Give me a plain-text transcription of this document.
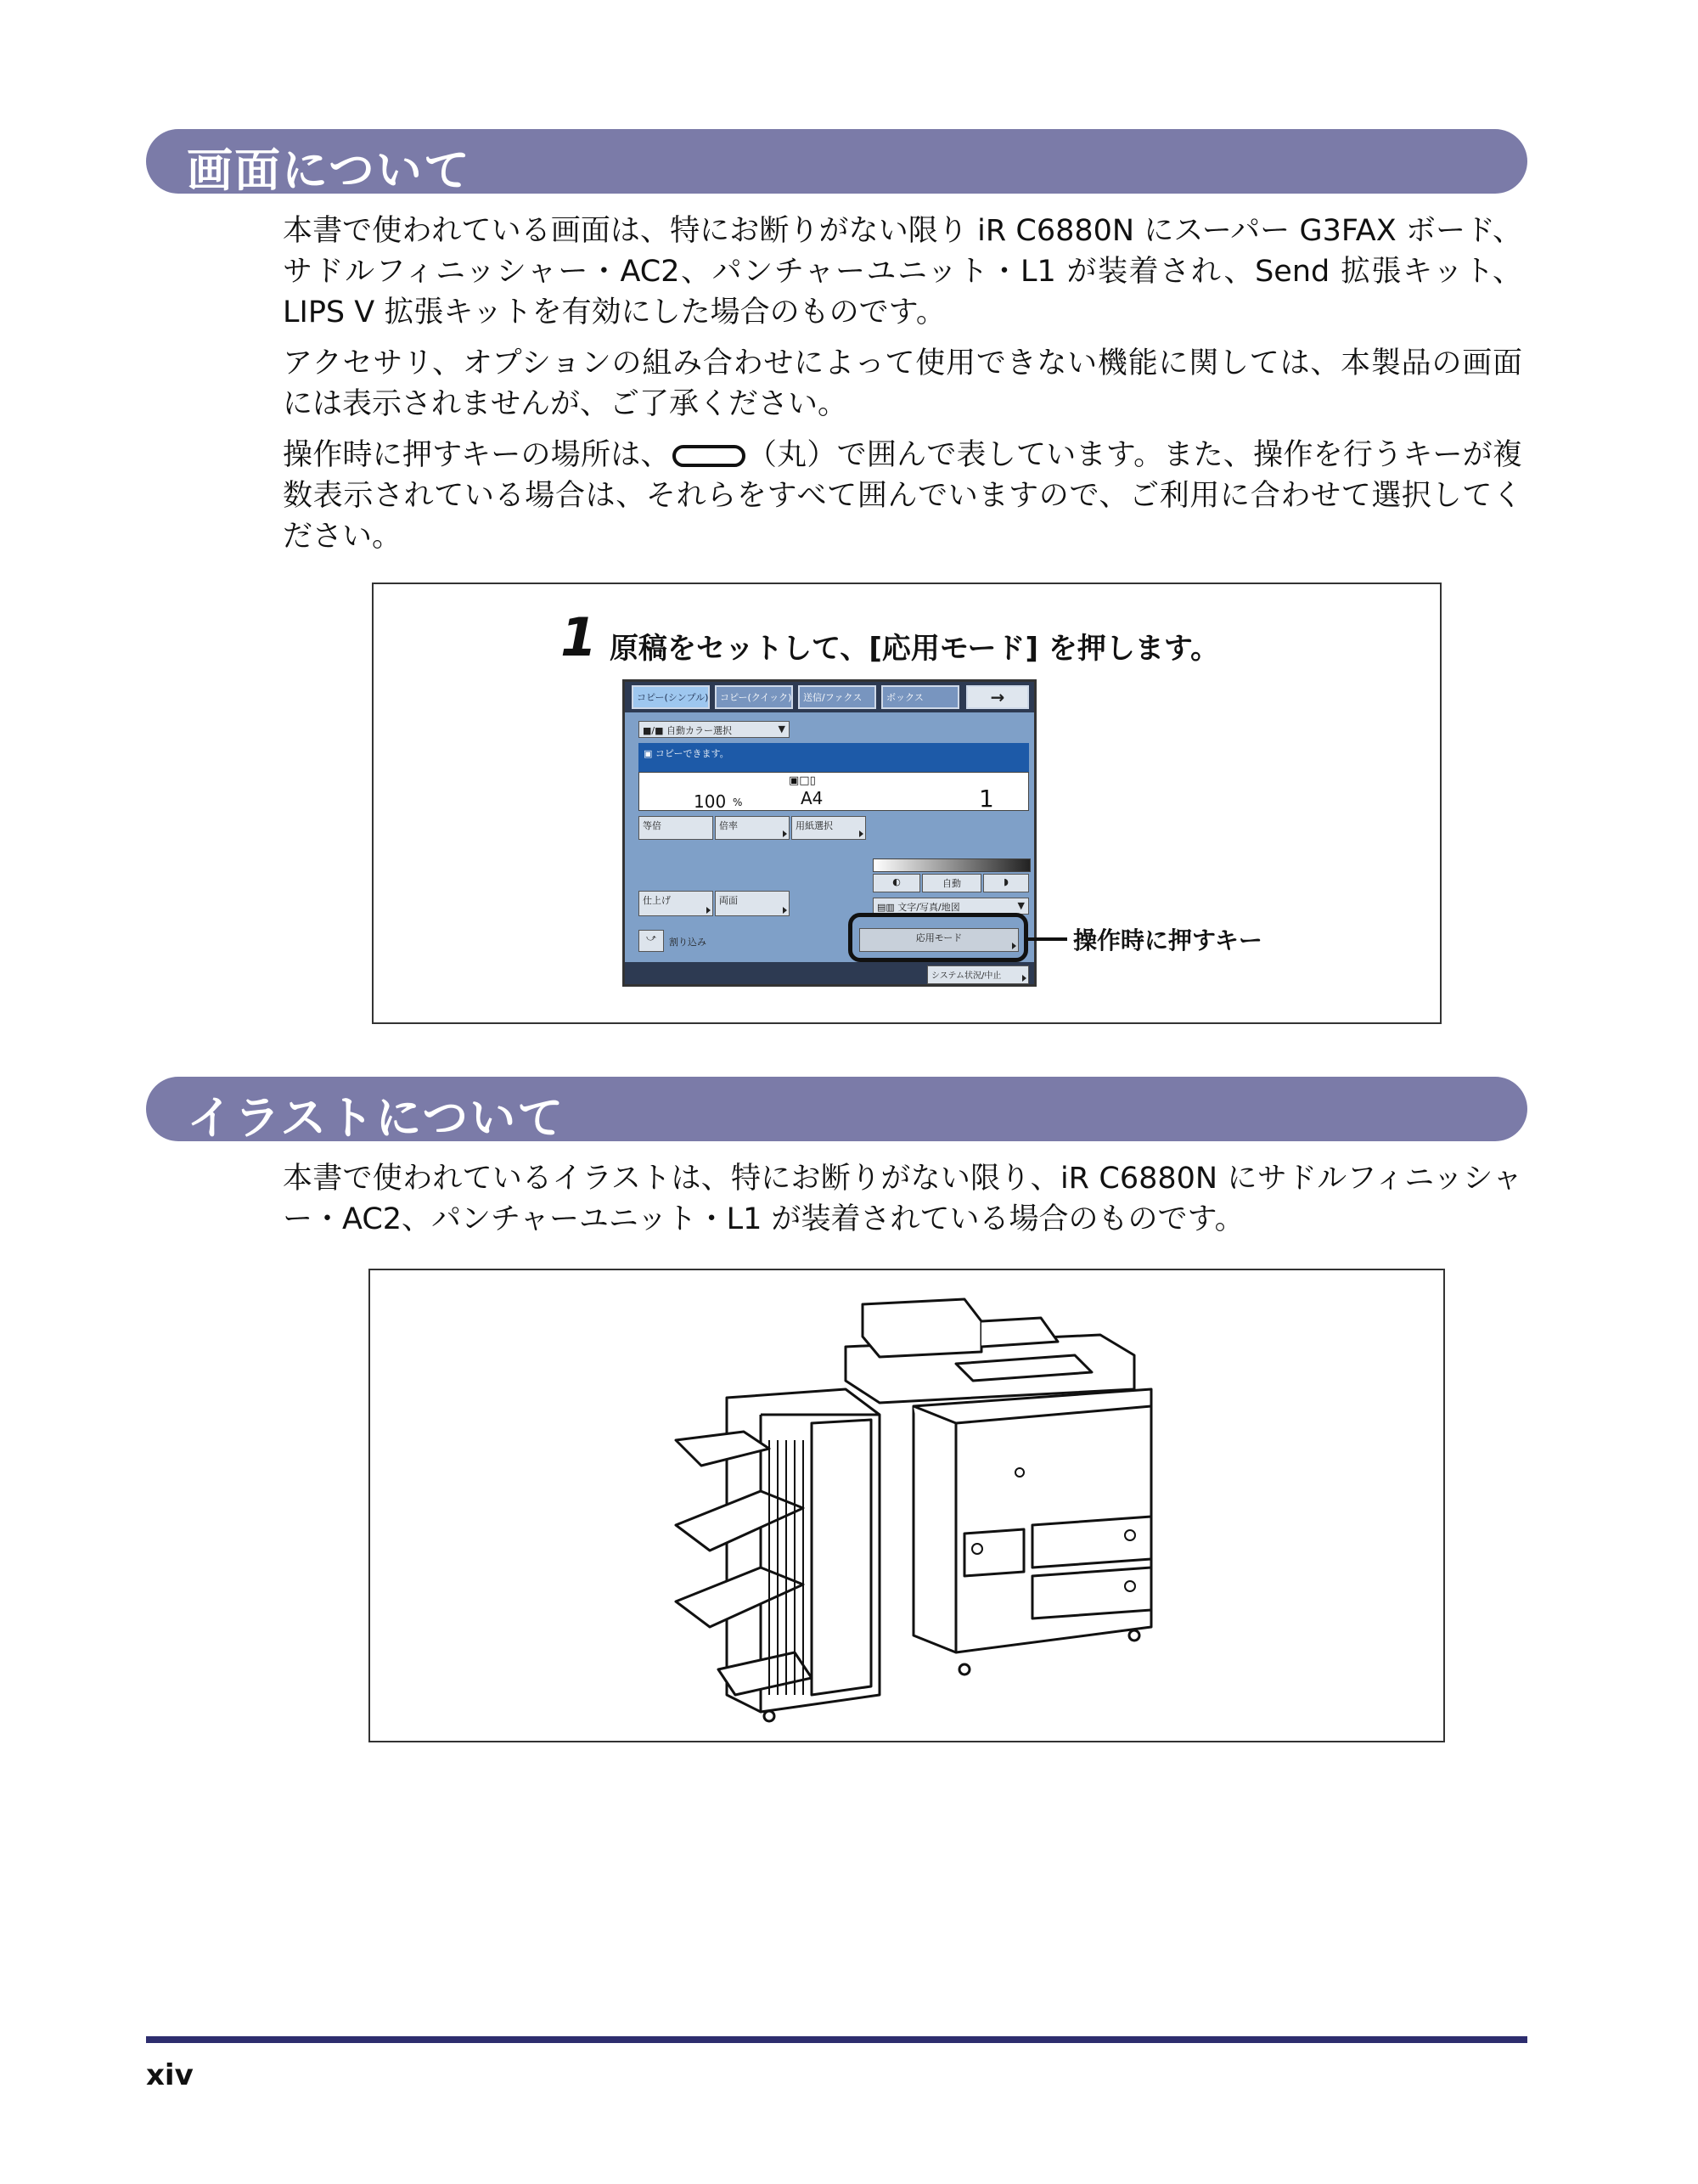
画面について
本書で使われている画面は、特にお断りがない限り iR C6880N にスーパー G3FAX ボード、サドルフィニッシャー・AC2、パンチャーユニット・L1 が装着され、Send 拡張キット、LIPS V 拡張キットを有効にした場合のものです。
アクセサリ、オプションの組み合わせによって使用できない機能に関しては、本製品の画面には表示されませんが、ご了承ください。
操作時に押すキーの場所は、 ○ （丸）で囲んで表しています。また、操作を行うキーが複数表示されている場合は、それらをすべて囲んでいますので、ご利用に合わせて選択してください。
1 原稿をセットして、[応用モード] を押します。
コピー(シンプル)	コピー(クイック)	送信/ファクス	ボックス	→
■/■ 自動カラー選択	▼
▣ コピーできます。
100 %
▣□▯
A4	1
等倍	倍率	用紙選択
◐	自動	◗
仕上げ	両面
▤▥ 文字/写真/地図	▼
⤻	割り込み	応用モード
システム状況/中止
操作時に押すキー
イラストについて
本書で使われているイラストは、特にお断りがない限り、iR C6880N にサドルフィニッシャー・AC2、パンチャーユニット・L1 が装着されている場合のものです。
xiv
